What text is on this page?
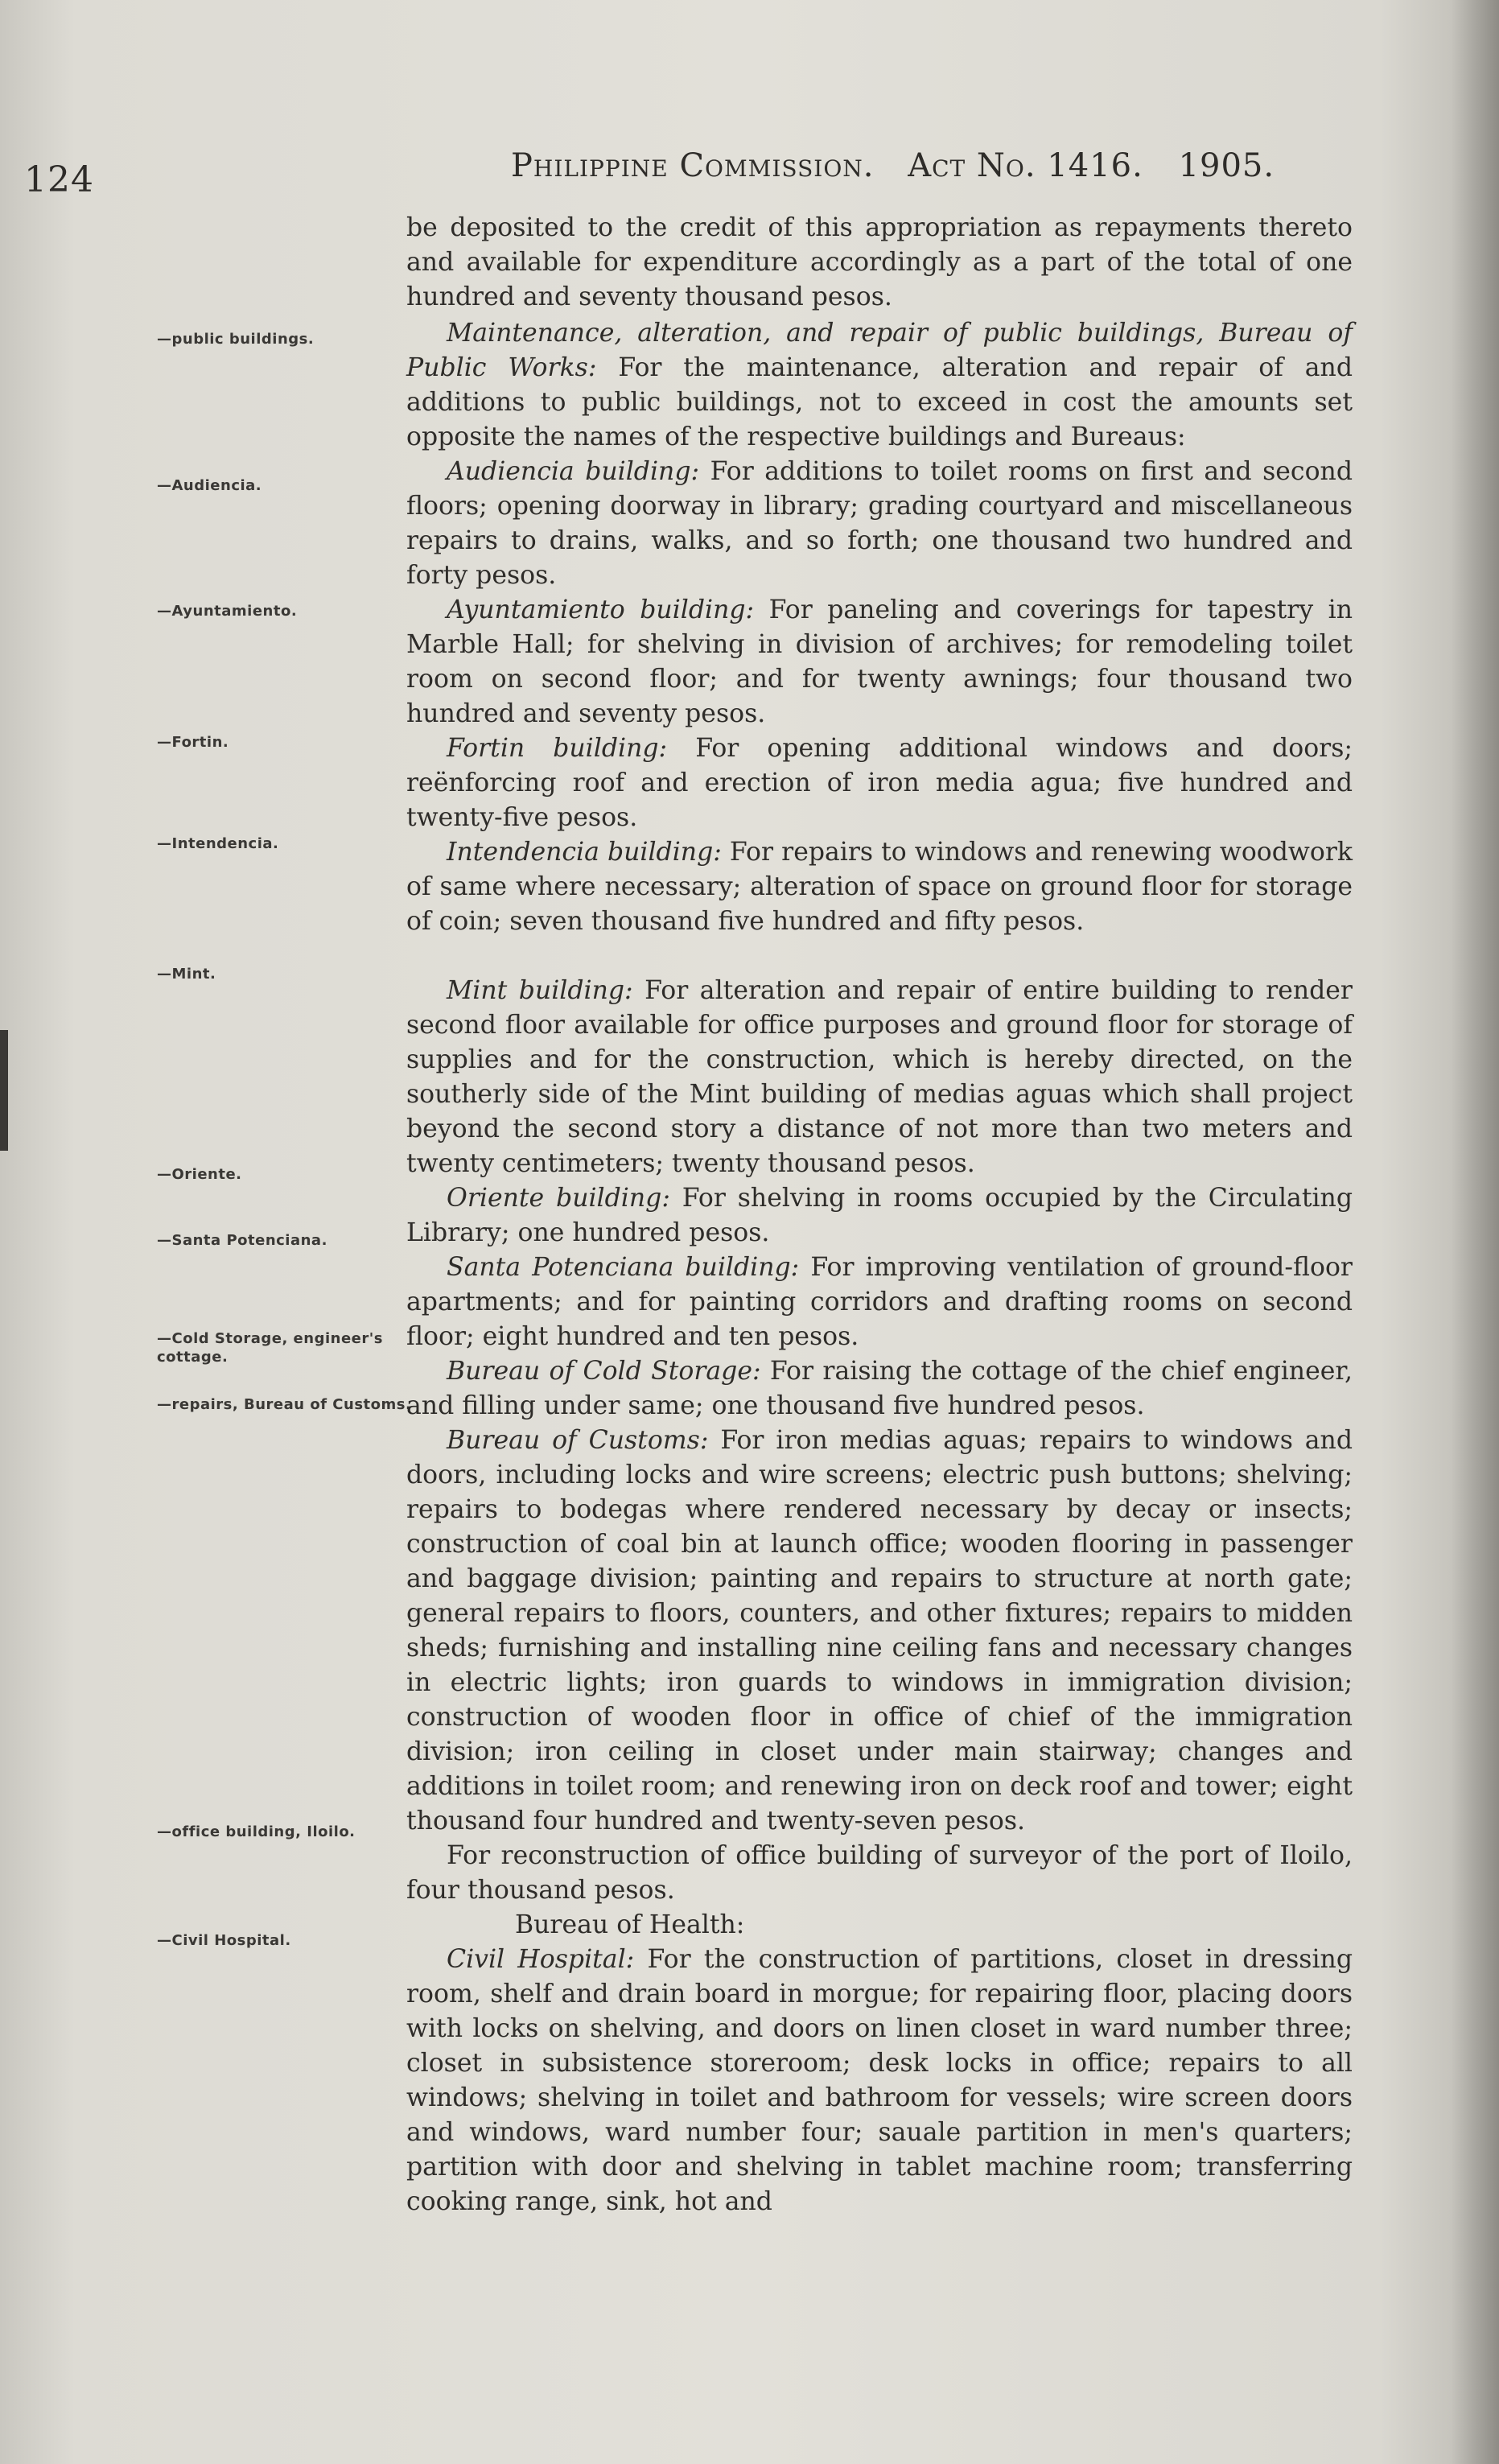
124	Philippine Commission. Act No. 1416. 1905.
—public buildings.
—Audiencia.
—Ayuntamiento.
—Fortin.
—Intendencia.
—Mint.
—Oriente.
—Santa Potenciana.
—Cold Storage, engineer's cottage.
—repairs, Bureau of Customs.
—office building, Iloilo.
—Civil Hospital.
be deposited to the credit of this appropriation as repayments thereto and available for expenditure accordingly as a part of the total of one hundred and seventy thousand pesos.
Maintenance, alteration, and repair of public buildings, Bureau of Public Works: For the maintenance, alteration and repair of and additions to public buildings, not to exceed in cost the amounts set opposite the names of the respective buildings and Bureaus:
Audiencia building: For additions to toilet rooms on first and second floors; opening doorway in library; grading courtyard and miscellaneous repairs to drains, walks, and so forth; one thousand two hundred and forty pesos.
Ayuntamiento building: For paneling and coverings for tapestry in Marble Hall; for shelving in division of archives; for remodeling toilet room on second floor; and for twenty awnings; four thousand two hundred and seventy pesos.
Fortin building: For opening additional windows and doors; reënforcing roof and erection of iron media agua; five hundred and twenty-five pesos.
Intendencia building: For repairs to windows and renewing woodwork of same where necessary; alteration of space on ground floor for storage of coin; seven thousand five hundred and fifty pesos.
Mint building: For alteration and repair of entire building to render second floor available for office purposes and ground floor for storage of supplies and for the construction, which is hereby directed, on the southerly side of the Mint building of medias aguas which shall project beyond the second story a distance of not more than two meters and twenty centimeters; twenty thousand pesos.
Oriente building: For shelving in rooms occupied by the Circulating Library; one hundred pesos.
Santa Potenciana building: For improving ventilation of ground-floor apartments; and for painting corridors and drafting rooms on second floor; eight hundred and ten pesos.
Bureau of Cold Storage: For raising the cottage of the chief engineer, and filling under same; one thousand five hundred pesos.
Bureau of Customs: For iron medias aguas; repairs to windows and doors, including locks and wire screens; electric push buttons; shelving; repairs to bodegas where rendered necessary by decay or insects; construction of coal bin at launch office; wooden flooring in passenger and baggage division; painting and repairs to structure at north gate; general repairs to floors, counters, and other fixtures; repairs to midden sheds; furnishing and installing nine ceiling fans and necessary changes in electric lights; iron guards to windows in immigration division; construction of wooden floor in office of chief of the immigration division; iron ceiling in closet under main stairway; changes and additions in toilet room; and renewing iron on deck roof and tower; eight thousand four hundred and twenty-seven pesos.
For reconstruction of office building of surveyor of the port of Iloilo, four thousand pesos.
Bureau of Health:
Civil Hospital: For the construction of partitions, closet in dressing room, shelf and drain board in morgue; for repairing floor, placing doors with locks on shelving, and doors on linen closet in ward number three; closet in subsistence storeroom; desk locks in office; repairs to all windows; shelving in toilet and bathroom for vessels; wire screen doors and windows, ward number four; sauale partition in men's quarters; partition with door and shelving in tablet machine room; transferring cooking range, sink, hot and
